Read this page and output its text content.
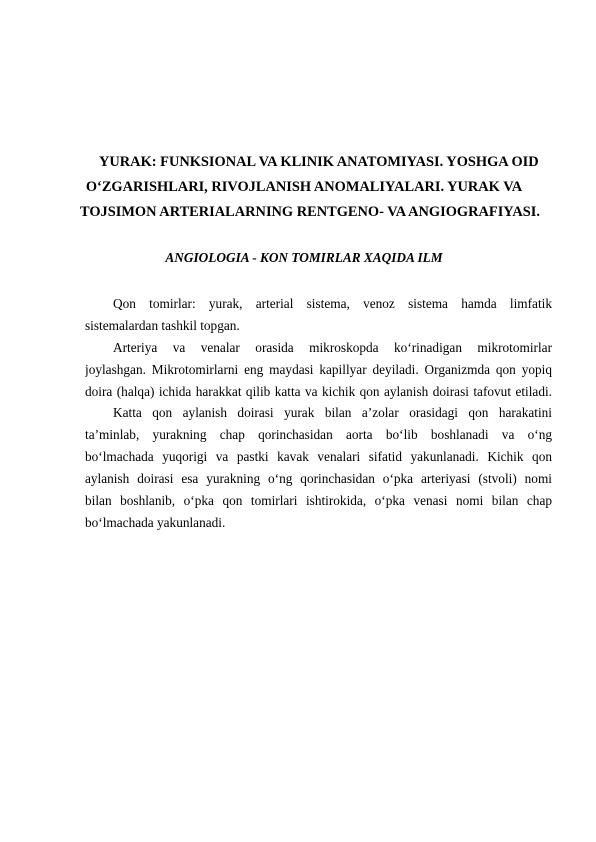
YURAK: FUNKSIONAL VA KLINIK ANATOMIYASI. YOSHGA OID
O‘ZGARISHLARI, RIVOJLANISH ANOMALIYALARI. YURAK VA
TOJSIMON ARTERIALARNING RENTGENO- VA ANGIOGRAFIYASI.
ANGIOLOGIA - KON TOMIRLAR XAQIDA ILM
Qon tomirlar: yurak, arterial sistema, venoz sistema hamda limfatik
sistemalardan tashkil topgan.
Arteriya va venalar orasida mikroskopda ko‘rinadigan mikrotomirlar
joylashgan. Mikrotomirlarni eng maydasi kapillyar deyiladi. Organizmda qon yopiq
doira (halqa) ichida harakkat qilib katta va kichik qon aylanish doirasi tafovut etiladi.
Katta qon aylanish doirasi yurak bilan a’zolar orasidagi qon harakatini
ta’minlab, yurakning chap qorinchasidan aorta bo‘lib boshlanadi va o‘ng
bo‘lmachada yuqorigi va pastki kavak venalari sifatid yakunlanadi. Kichik qon
aylanish doirasi esa yurakning o‘ng qorinchasidan o‘pka arteriyasi (stvoli) nomi
bilan boshlanib, o‘pka qon tomirlari ishtirokida, o‘pka venasi nomi bilan chap
bo‘lmachada yakunlanadi.
